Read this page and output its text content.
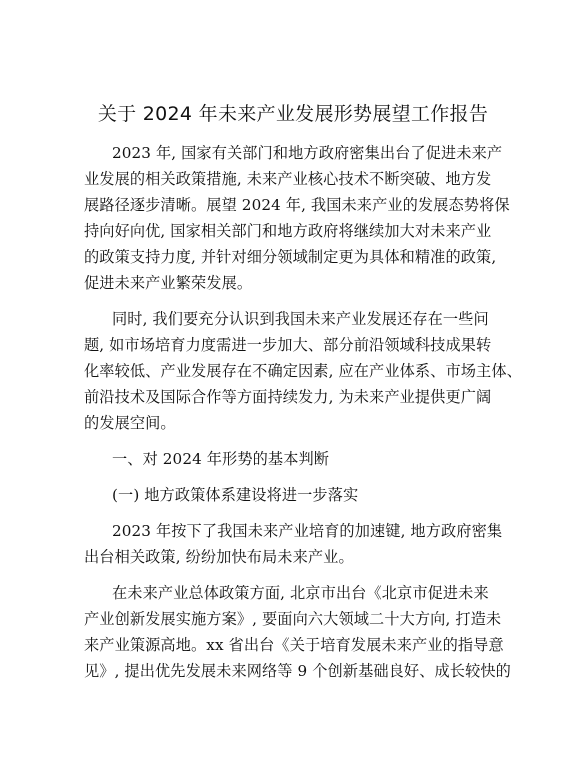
关于 2024 年未来产业发展形势展望工作报告
2023 年, 国家有关部门和地方政府密集出台了促进未来产
业发展的相关政策措施, 未来产业核心技术不断突破、地方发
展路径逐步清晰。展望 2024 年, 我国未来产业的发展态势将保
持向好向优, 国家相关部门和地方政府将继续加大对未来产业
的政策支持力度, 并针对细分领域制定更为具体和精准的政策,
促进未来产业繁荣发展。
同时, 我们要充分认识到我国未来产业发展还存在一些问
题, 如市场培育力度需进一步加大、部分前沿领域科技成果转
化率较低、产业发展存在不确定因素, 应在产业体系、市场主体、
前沿技术及国际合作等方面持续发力, 为未来产业提供更广阔
的发展空间。
一、对 2024 年形势的基本判断
(一) 地方政策体系建设将进一步落实
2023 年按下了我国未来产业培育的加速键, 地方政府密集
出台相关政策, 纷纷加快布局未来产业。
在未来产业总体政策方面, 北京市出台《北京市促进未来
产业创新发展实施方案》, 要面向六大领域二十大方向, 打造未
来产业策源高地。xx 省出台《关于培育发展未来产业的指导意
见》, 提出优先发展未来网络等 9 个创新基础良好、成长较快的
